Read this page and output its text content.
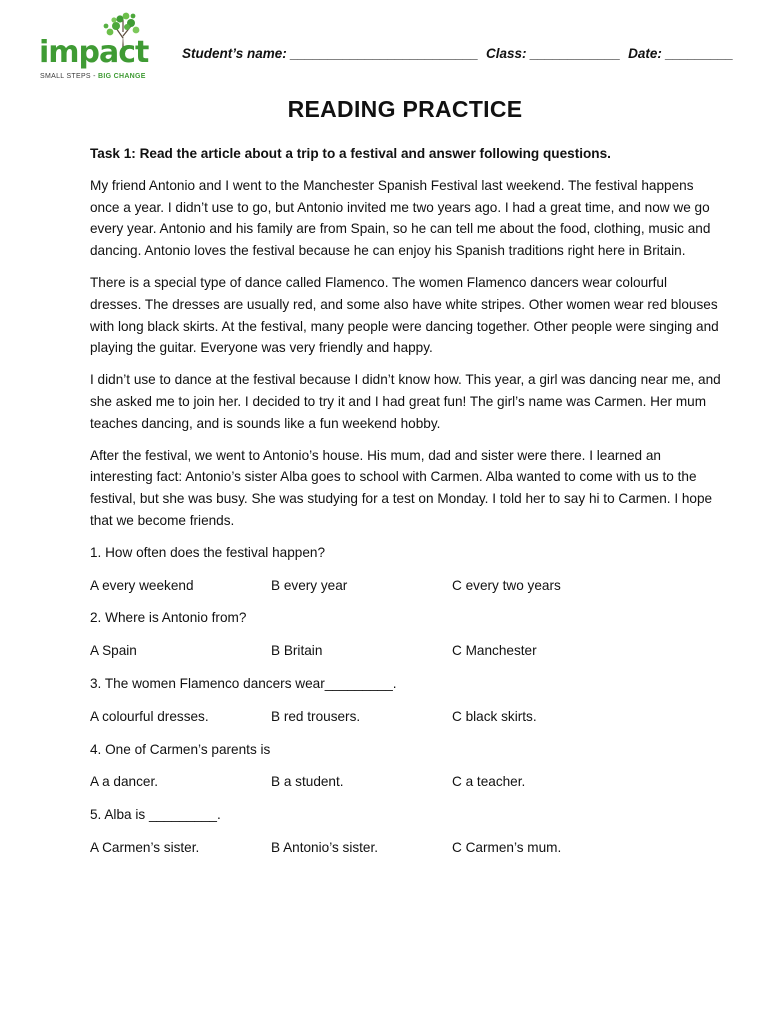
impact
SMALL STEPS - BIG CHANGE
Student’s name: _________________________ Class: ____________ Date: _________
READING PRACTICE

Task 1: Read the article about a trip to a festival and answer following questions.

My friend Antonio and I went to the Manchester Spanish Festival last weekend. The festival happens once a year. I didn’t use to go, but Antonio invited me two years ago. I had a great time, and now we go every year. Antonio and his family are from Spain, so he can tell me about the food, clothing, music and dancing. Antonio loves the festival because he can enjoy his Spanish traditions right here in Britain.

There is a special type of dance called Flamenco. The women Flamenco dancers wear colourful dresses. The dresses are usually red, and some also have white stripes. Other women wear red blouses with long black skirts. At the festival, many people were dancing together. Other people were singing and playing the guitar. Everyone was very friendly and happy.

I didn’t use to dance at the festival because I didn’t know how. This year, a girl was dancing near me, and she asked me to join her. I decided to try it and I had great fun! The girl’s name was Carmen. Her mum teaches dancing, and is sounds like a fun weekend hobby.

After the festival, we went to Antonio’s house. His mum, dad and sister were there. I learned an interesting fact: Antonio’s sister Alba goes to school with Carmen. Alba wanted to come with us to the festival, but she was busy. She was studying for a test on Monday. I told her to say hi to Carmen. I hope that we become friends.

1. How often does the festival happen?
A every weekend	B every year	C every two years
2. Where is Antonio from?
A Spain	B Britain	C Manchester
3. The women Flamenco dancers wear_________.
A colourful dresses.	B red trousers.	C black skirts.
4. One of Carmen’s parents is
A a dancer.	B a student.	C a teacher.
5. Alba is _________.
A Carmen’s sister.	B Antonio’s sister.	C Carmen’s mum.
